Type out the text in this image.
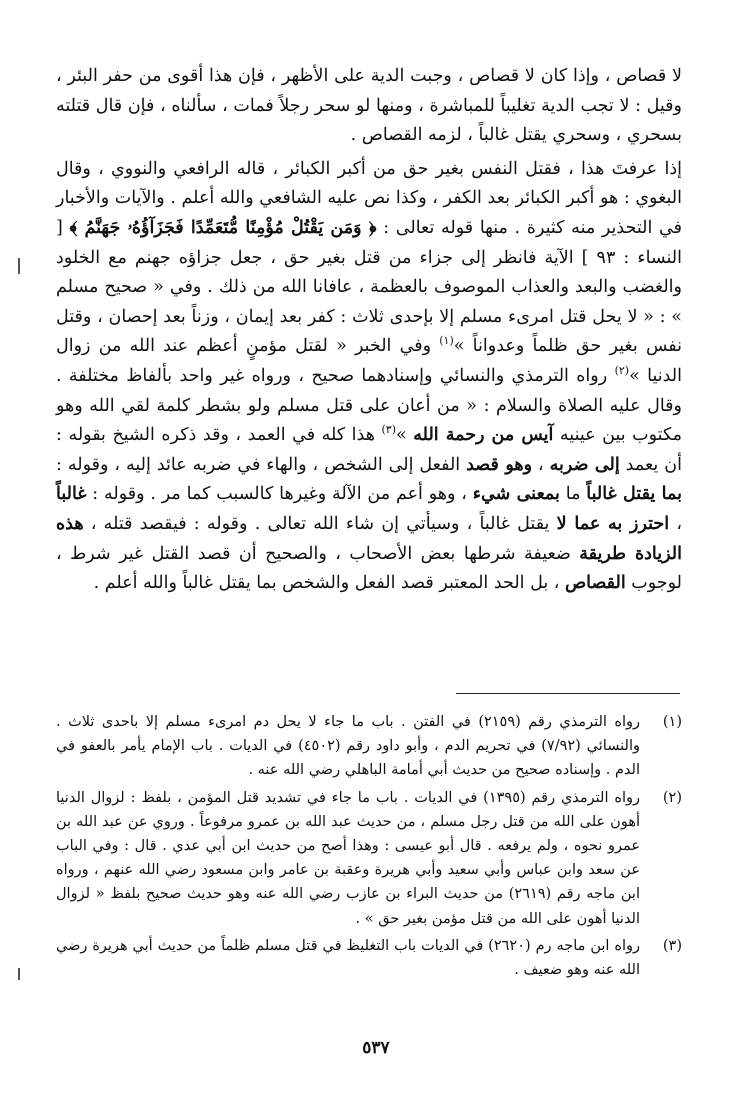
لا قصاص ، وإذا كان لا قصاص ، وجبت الدية على الأظهر ، فإن هذا أقوى من حفر البئر ، وقيل : لا تجب الدية تغليباً للمباشرة ، ومنها لو سحر رجلاً فمات ، سألناه ، فإن قال قتلته بسحري ، وسحري يقتل غالباً ، لزمه القصاص .

إذا عرفتَ هذا ، فقتل النفس بغير حق من أكبر الكبائر ، قاله الرافعي والنووي ، وقال البغوي : هو أكبر الكبائر بعد الكفر ، وكذا نص عليه الشافعي والله أعلم . والآيات والأخبار في التحذير منه كثيرة . منها قوله تعالى : ﴿ وَمَن يَقْتُلْ مُؤْمِنًا مُّتَعَمِّدًا فَجَزَآؤُهُۥ جَهَنَّمُ ﴾ [ النساء : ٩٣ ] الآية فانظر إلى جزاء من قتل بغير حق ، جعل جزاؤه جهنم مع الخلود والغضب والبعد والعذاب الموصوف بالعظمة ، عافانا الله من ذلك . وفي « صحيح مسلم » : « لا يحل قتل امرىء مسلم إلا بإحدى ثلاث : كفر بعد إيمان ، وزناً بعد إحصان ، وقتل نفس بغير حق ظلماً وعدواناً »$^{(١)}$ وفي الخبر « لقتل مؤمنٍ أعظم عند الله من زوال الدنيا »$^{(٢)}$ رواه الترمذي والنسائي وإسنادهما صحيح ، ورواه غير واحد بألفاظ مختلفة . وقال عليه الصلاة والسلام : « من أعان على قتل مسلم ولو بشطر كلمة لقي الله وهو مكتوب بين عينيه آيس من رحمة الله »$^{(٣)}$ هذا كله في العمد ، وقد ذكره الشيخ بقوله : أن يعمد إلى ضربه ، وهو قصد الفعل إلى الشخص ، والهاء في ضربه عائد إليه ، وقوله : بما يقتل غالباً ما بمعنى شيء ، وهو أعم من الآلة وغيرها كالسبب كما مر . وقوله : غالباً ، احترز به عما لا يقتل غالباً ، وسيأتي إن شاء الله تعالى . وقوله : فيقصد قتله ، هذه الزيادة طريقة ضعيفة شرطها بعض الأصحاب ، والصحيح أن قصد القتل غير شرط ، لوجوب القصاص ، بل الحد المعتبر قصد الفعل والشخص بما يقتل غالباً والله أعلم .

(١)
رواه الترمذي رقم (٢١٥٩) في الفتن . باب ما جاء لا يحل دم امرىء مسلم إلا باحدى ثلاث . والنسائي (٧/٩٢) في تحريم الدم ، وأبو داود رقم (٤٥٠٢) في الديات . باب الإمام يأمر بالعفو في الدم . وإسناده صحيح من حديث أبي أمامة الباهلي رضي الله عنه .
(٢)
رواه الترمذي رقم (١٣٩٥) في الديات . باب ما جاء في تشديد قتل المؤمن ، بلفظ : لزوال الدنيا أهون على الله من قتل رجل مسلم ، من حديث عبد الله بن عمرو مرفوعاً . وروي عن عبد الله بن عمرو نحوه ، ولم يرفعه . قال أبو عيسى : وهذا أصح من حديث ابن أبي عدي . قال : وفي الباب عن سعد وابن عباس وأبي سعيد وأبي هريرة وعقبة بن عامر وابن مسعود رضي الله عنهم ، ورواه ابن ماجه رقم (٢٦١٩) من حديث البراء بن عازب رضي الله عنه وهو حديث صحيح بلفظ « لزوال الدنيا أهون على الله من قتل مؤمن بغير حق » .
(٣)
رواه ابن ماجه رم (٢٦٢٠) في الديات باب التغليظ في قتل مسلم ظلماً من حديث أبي هريرة رضي الله عنه وهو ضعيف .
٥٣٧
